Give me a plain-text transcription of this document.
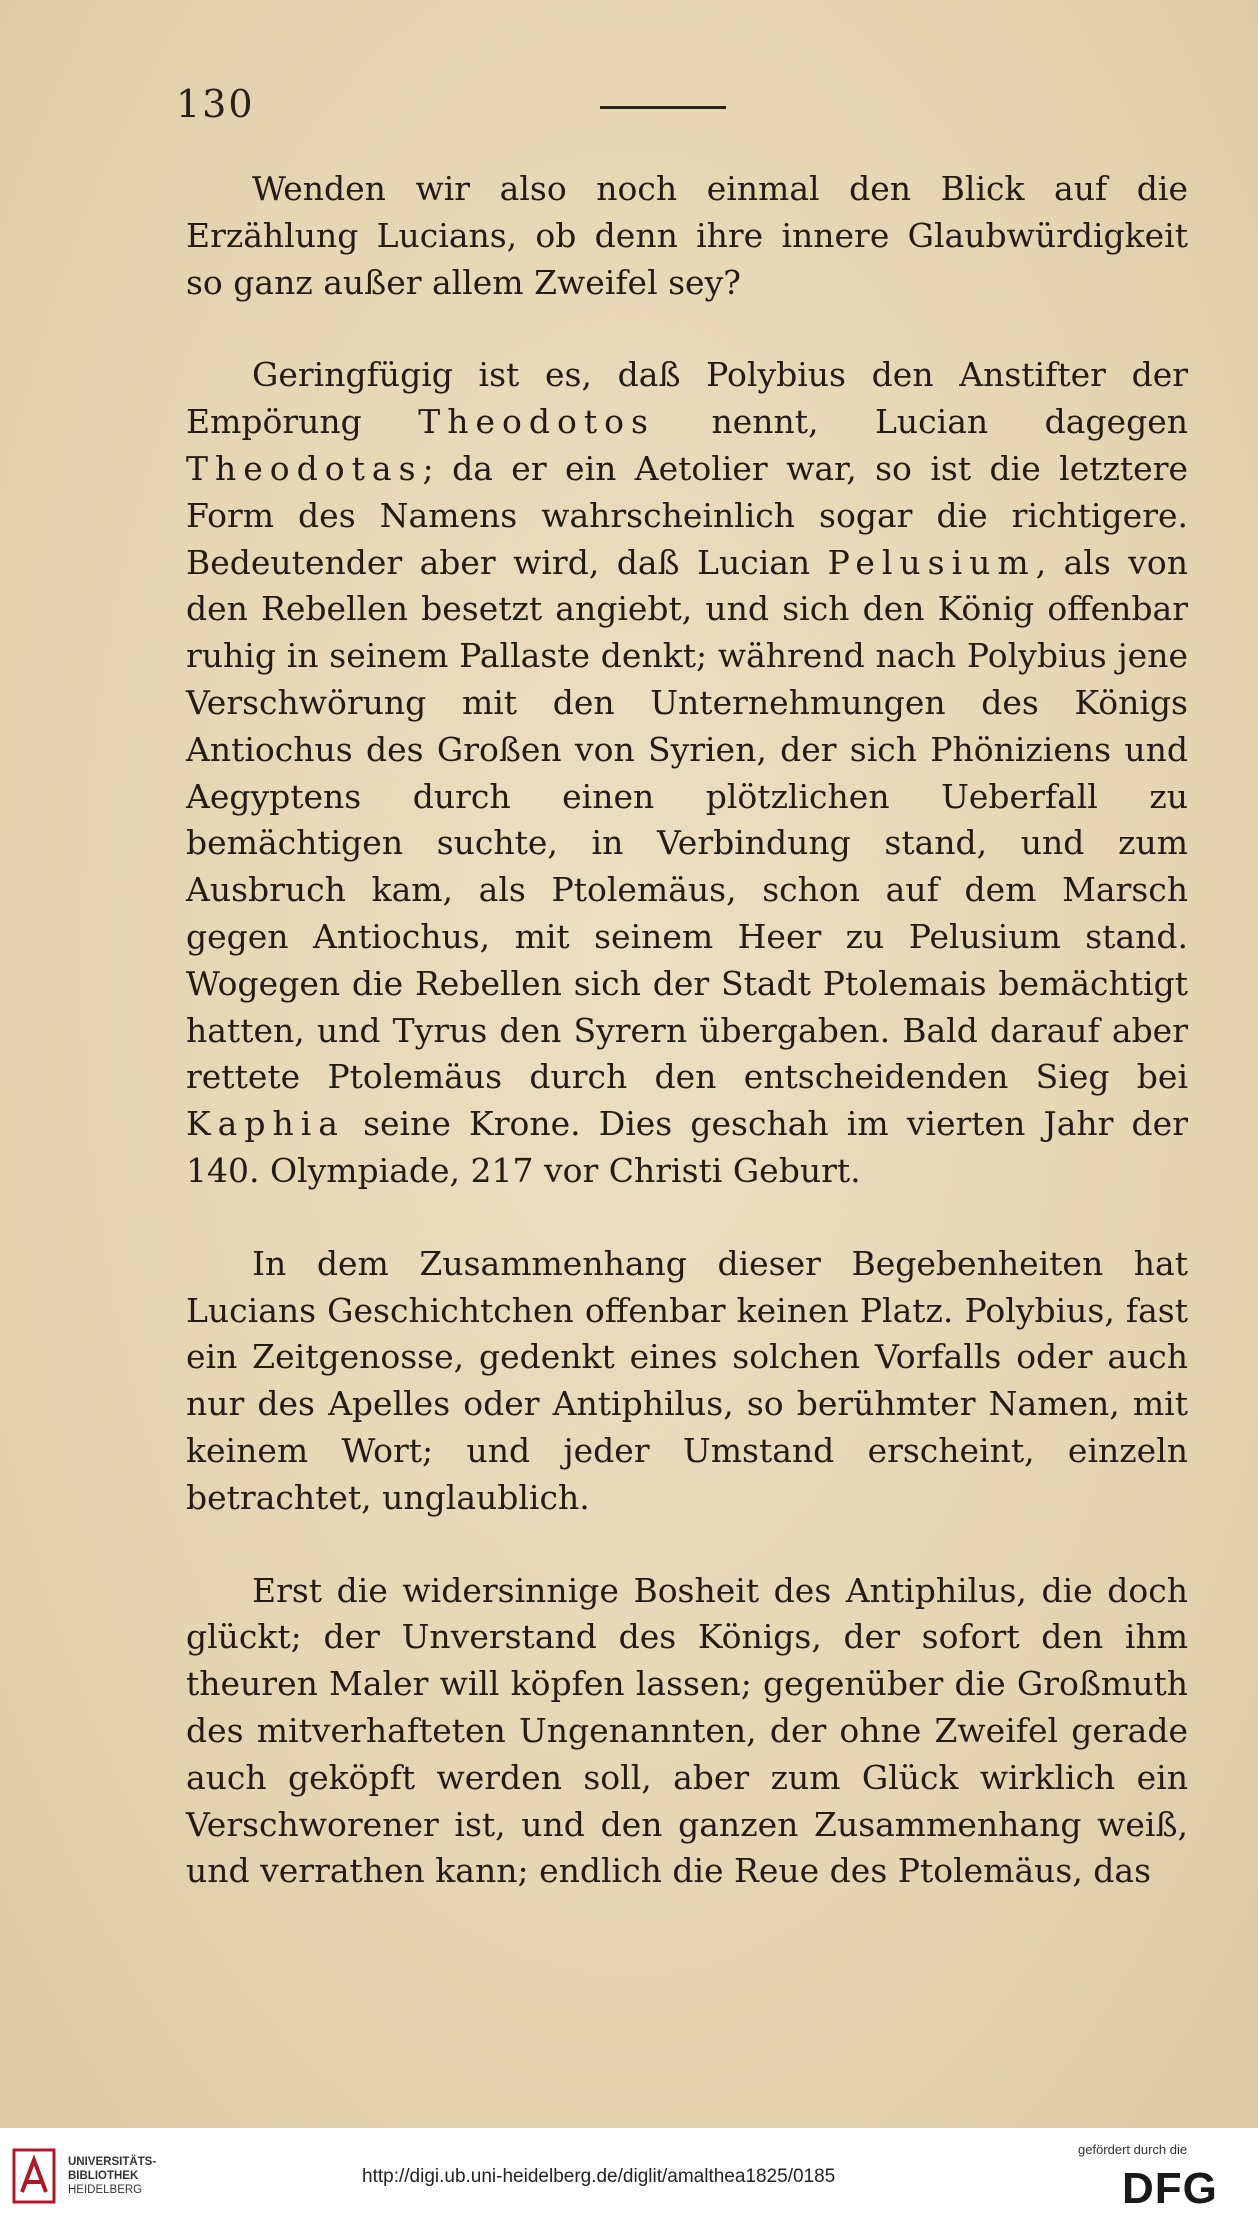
130

Wenden wir also noch einmal den Blick auf die Erzählung Lucians, ob denn ihre innere Glaubwürdigkeit so ganz außer allem Zweifel sey?

Geringfügig ist es, daß Polybius den Anstifter der Empörung Theodotos nennt, Lucian dagegen Theodotas; da er ein Aetolier war, so ist die letztere Form des Namens wahrscheinlich sogar die richtigere. Bedeutender aber wird, daß Lucian Pelusium, als von den Rebellen besetzt angiebt, und sich den König offenbar ruhig in seinem Pallaste denkt; während nach Polybius jene Verschwörung mit den Unternehmungen des Königs Antiochus des Großen von Syrien, der sich Phöniziens und Aegyptens durch einen plötzlichen Ueberfall zu bemächtigen suchte, in Verbindung stand, und zum Ausbruch kam, als Ptolemäus, schon auf dem Marsch gegen Antiochus, mit seinem Heer zu Pelusium stand. Wogegen die Rebellen sich der Stadt Ptolemais bemächtigt hatten, und Tyrus den Syrern übergaben. Bald darauf aber rettete Ptolemäus durch den entscheidenden Sieg bei Kaphia seine Krone. Dies geschah im vierten Jahr der 140. Olympiade, 217 vor Christi Geburt.

In dem Zusammenhang dieser Begebenheiten hat Lucians Geschichtchen offenbar keinen Platz. Polybius, fast ein Zeitgenosse, gedenkt eines solchen Vorfalls oder auch nur des Apelles oder Antiphilus, so berühmter Namen, mit keinem Wort; und jeder Umstand erscheint, einzeln betrachtet, unglaublich.

Erst die widersinnige Bosheit des Antiphilus, die doch glückt; der Unverstand des Königs, der sofort den ihm theuren Maler will köpfen lassen; gegenüber die Großmuth des mitverhafteten Ungenannten, der ohne Zweifel gerade auch geköpft werden soll, aber zum Glück wirklich ein Verschworener ist, und den ganzen Zusammenhang weiß, und verrathen kann; endlich die Reue des Ptolemäus, das

UNIVERSITÄTS-
BIBLIOTHEK
HEIDELBERG
http://digi.ub.uni-heidelberg.de/diglit/amalthea1825/0185
gefördert durch die
DFG
